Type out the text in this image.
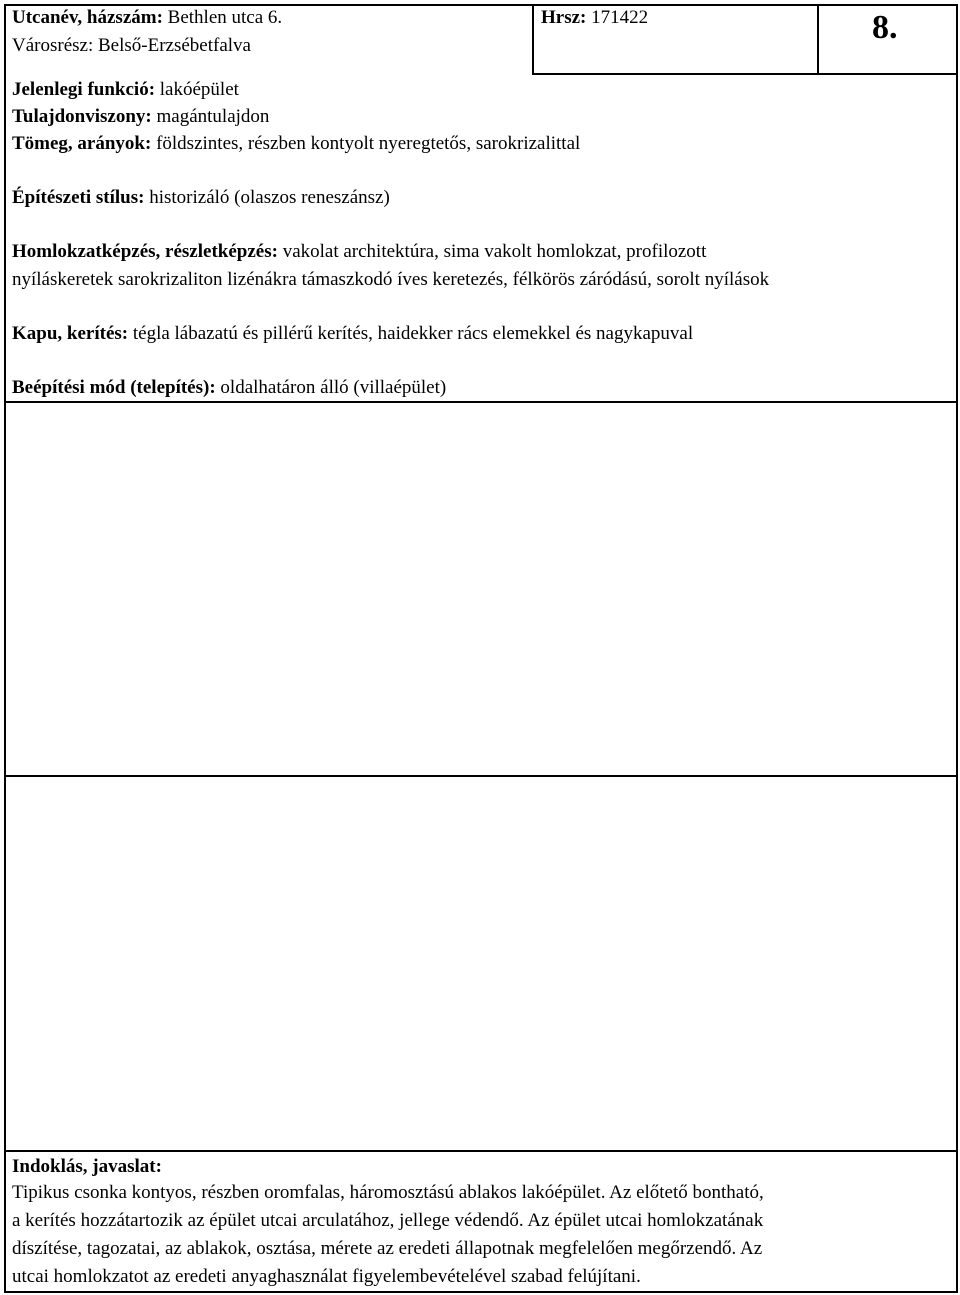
Utcanév, házszám: Bethlen utca 6.
Városrész: Belső-Erzsébetfalva
Hrsz: 171422	8.
Jelenlegi funkció: lakóépület
Tulajdonviszony: magántulajdon
Tömeg, arányok: földszintes, részben kontyolt nyeregtetős, sarokrizalittal
Építészeti stílus: historizáló (olaszos reneszánsz)
Homlokzatképzés, részletképzés: vakolat architektúra, sima vakolt homlokzat, profilozott
nyíláskeretek sarokrizaliton lizénákra támaszkodó íves keretezés, félkörös záródású, sorolt nyílások
Kapu, kerítés: tégla lábazatú és pillérű kerítés, haidekker rács elemekkel és nagykapuval
Beépítési mód (telepítés): oldalhatáron álló (villaépület)
Indoklás, javaslat:
Tipikus csonka kontyos, részben oromfalas, háromosztású ablakos lakóépület. Az előtető bontható,
a kerítés hozzátartozik az épület utcai arculatához, jellege védendő. Az épület utcai homlokzatának
díszítése, tagozatai, az ablakok, osztása, mérete az eredeti állapotnak megfelelően megőrzendő. Az
utcai homlokzatot az eredeti anyaghasználat figyelembevételével szabad felújítani.
